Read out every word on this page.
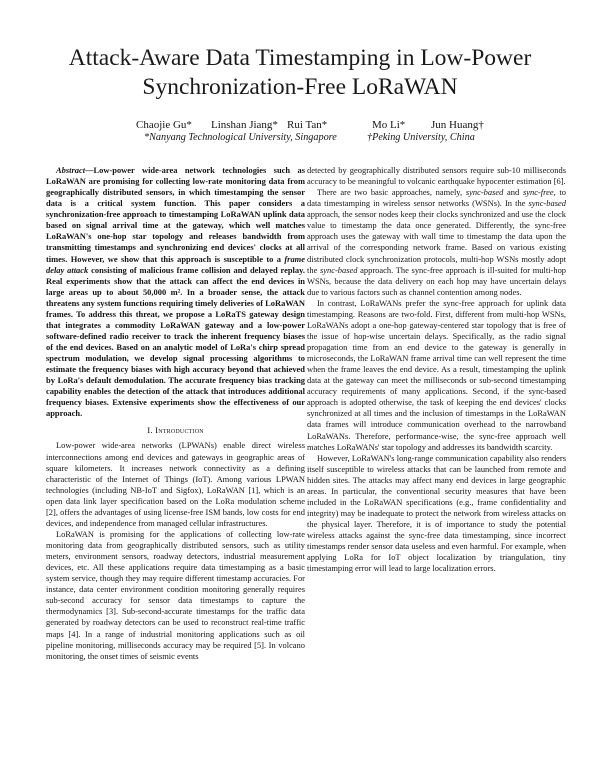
Attack-Aware Data Timestamping in Low-Power
Synchronization-Free LoRaWAN
Chaojie Gu* Linshan Jiang* Rui Tan*	Mo Li* Jun Huang†
*Nanyang Technological University, Singapore	†Peking University, China

Abstract—Low-power wide-area network technologies such as LoRaWAN are promising for collecting low-rate monitoring data from geographically distributed sensors, in which timestamping the sensor data is a critical system function. This paper considers a synchronization-free approach to timestamping LoRaWAN uplink data based on signal arrival time at the gateway, which well matches LoRaWAN's one-hop star topology and releases bandwidth from transmitting timestamps and synchronizing end devices' clocks at all times. However, we show that this approach is susceptible to a frame delay attack consisting of malicious frame collision and delayed replay. Real experiments show that the attack can affect the end devices in large areas up to about 50,000 m². In a broader sense, the attack threatens any system functions requiring timely deliveries of LoRaWAN frames. To address this threat, we propose a LoRaTS gateway design that integrates a commodity LoRaWAN gateway and a low-power software-defined radio receiver to track the inherent frequency biases of the end devices. Based on an analytic model of LoRa's chirp spread spectrum modulation, we develop signal processing algorithms to estimate the frequency biases with high accuracy beyond that achieved by LoRa's default demodulation. The accurate frequency bias tracking capability enables the detection of the attack that introduces additional frequency biases. Extensive experiments show the effectiveness of our approach.

I. Introduction

Low-power wide-area networks (LPWANs) enable direct wireless interconnections among end devices and gateways in geographic areas of square kilometers. It increases network connectivity as a defining characteristic of the Internet of Things (IoT). Among various LPWAN technologies (including NB-IoT and Sigfox), LoRaWAN [1], which is an open data link layer specification based on the LoRa modulation scheme [2], offers the advantages of using license-free ISM bands, low costs for end devices, and independence from managed cellular infrastructures.

LoRaWAN is promising for the applications of collecting low-rate monitoring data from geographically distributed sensors, such as utility meters, environment sensors, roadway detectors, industrial measurement devices, etc. All these applications require data timestamping as a basic system service, though they may require different timestamp accuracies. For instance, data center environment condition monitoring generally requires sub-second accuracy for sensor data timestamps to capture the thermodynamics [3]. Sub-second-accurate timestamps for the traffic data generated by roadway detectors can be used to reconstruct real-time traffic maps [4]. In a range of industrial monitoring applications such as oil pipeline monitoring, milliseconds accuracy may be required [5]. In volcano monitoring, the onset times of seismic events

detected by geographically distributed sensors require sub-10 milliseconds accuracy to be meaningful to volcanic earthquake hypocenter estimation [6].

There are two basic approaches, namely, sync-based and sync-free, to data timestamping in wireless sensor networks (WSNs). In the sync-based approach, the sensor nodes keep their clocks synchronized and use the clock value to timestamp the data once generated. Differently, the sync-free approach uses the gateway with wall time to timestamp the data upon the arrival of the corresponding network frame. Based on various existing distributed clock synchronization protocols, multi-hop WSNs mostly adopt the sync-based approach. The sync-free approach is ill-suited for multi-hop WSNs, because the data delivery on each hop may have uncertain delays due to various factors such as channel contention among nodes.

In contrast, LoRaWANs prefer the sync-free approach for uplink data timestamping. Reasons are two-fold. First, different from multi-hop WSNs, LoRaWANs adopt a one-hop gateway-centered star topology that is free of the issue of hop-wise uncertain delays. Specifically, as the radio signal propagation time from an end device to the gateway is generally in microseconds, the LoRaWAN frame arrival time can well represent the time when the frame leaves the end device. As a result, timestamping the uplink data at the gateway can meet the milliseconds or sub-second timestamping accuracy requirements of many applications. Second, if the sync-based approach is adopted otherwise, the task of keeping the end devices' clocks synchronized at all times and the inclusion of timestamps in the LoRaWAN data frames will introduce communication overhead to the narrowband LoRaWANs. Therefore, performance-wise, the sync-free approach well matches LoRaWANs' star topology and addresses its bandwidth scarcity.

However, LoRaWAN's long-range communication capability also renders itself susceptible to wireless attacks that can be launched from remote and hidden sites. The attacks may affect many end devices in large geographic areas. In particular, the conventional security measures that have been included in the LoRaWAN specifications (e.g., frame confidentiality and integrity) may be inadequate to protect the network from wireless attacks on the physical layer. Therefore, it is of importance to study the potential wireless attacks against the sync-free data timestamping, since incorrect timestamps render sensor data useless and even harmful. For example, when applying LoRa for IoT object localization by triangulation, tiny timestamping error will lead to large localization errors.
